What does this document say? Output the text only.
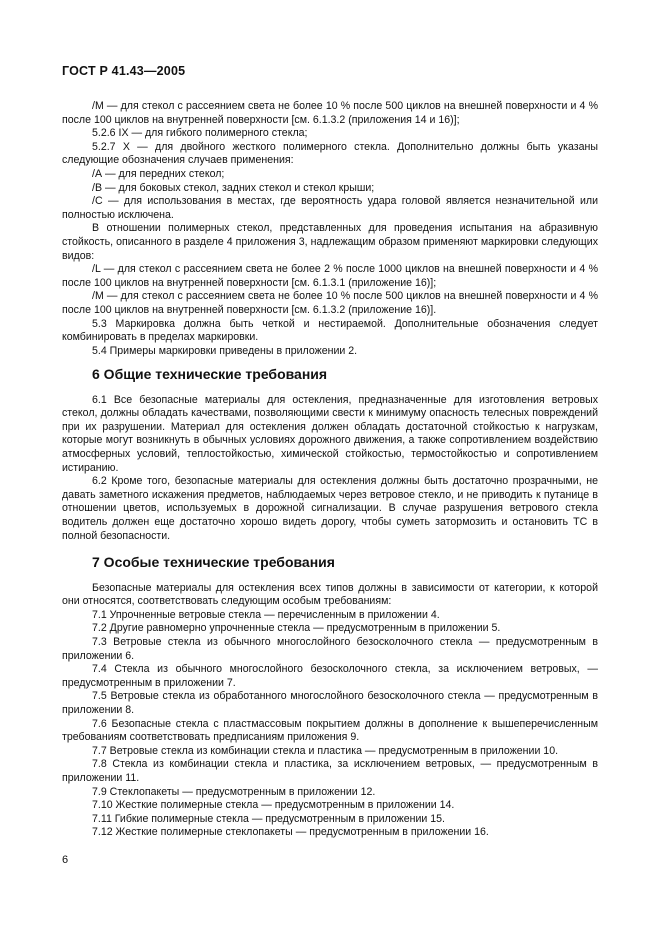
ГОСТ Р 41.43—2005

/М — для стекол с рассеянием света не более 10 % после 500 циклов на внешней поверхности и 4 % после 100 циклов на внутренней поверхности [см. 6.1.3.2 (приложения 14 и 16)];

5.2.6 IX — для гибкого полимерного стекла;

5.2.7 Х — для двойного жесткого полимерного стекла. Дополнительно должны быть указаны следующие обозначения случаев применения:

/А — для передних стекол;

/В — для боковых стекол, задних стекол и стекол крыши;

/С — для использования в местах, где вероятность удара головой является незначительной или полностью исключена.

В отношении полимерных стекол, представленных для проведения испытания на абразивную стойкость, описанного в разделе 4 приложения 3, надлежащим образом применяют маркировки следующих видов:

/L — для стекол с рассеянием света не более 2 % после 1000 циклов на внешней поверхности и 4 % после 100 циклов на внутренней поверхности [см. 6.1.3.1 (приложение 16)];

/М — для стекол с рассеянием света не более 10 % после 500 циклов на внешней поверхности и 4 % после 100 циклов на внутренней поверхности [см. 6.1.3.2 (приложение 16)].

5.3 Маркировка должна быть четкой и нестираемой. Дополнительные обозначения следует комбинировать в пределах маркировки.

5.4 Примеры маркировки приведены в приложении 2.

6 Общие технические требования

6.1 Все безопасные материалы для остекления, предназначенные для изготовления ветровых стекол, должны обладать качествами, позволяющими свести к минимуму опасность телесных повреждений при их разрушении. Материал для остекления должен обладать достаточной стойкостью к нагрузкам, которые могут возникнуть в обычных условиях дорожного движения, а также сопротивлением воздействию атмосферных условий, теплостойкостью, химической стойкостью, термостойкостью и сопротивлением истиранию.

6.2 Кроме того, безопасные материалы для остекления должны быть достаточно прозрачными, не давать заметного искажения предметов, наблюдаемых через ветровое стекло, и не приводить к путанице в отношении цветов, используемых в дорожной сигнализации. В случае разрушения ветрового стекла водитель должен еще достаточно хорошо видеть дорогу, чтобы суметь затормозить и остановить ТС в полной безопасности.

7 Особые технические требования

Безопасные материалы для остекления всех типов должны в зависимости от категории, к которой они относятся, соответствовать следующим особым требованиям:

7.1 Упрочненные ветровые стекла — перечисленным в приложении 4.

7.2 Другие равномерно упрочненные стекла — предусмотренным в приложении 5.

7.3 Ветровые стекла из обычного многослойного безосколочного стекла — предусмотренным в приложении 6.

7.4 Стекла из обычного многослойного безосколочного стекла, за исключением ветровых, — предусмотренным в приложении 7.

7.5 Ветровые стекла из обработанного многослойного безосколочного стекла — предусмотренным в приложении 8.

7.6 Безопасные стекла с пластмассовым покрытием должны в дополнение к вышеперечисленным требованиям соответствовать предписаниям приложения 9.

7.7 Ветровые стекла из комбинации стекла и пластика — предусмотренным в приложении 10.

7.8 Стекла из комбинации стекла и пластика, за исключением ветровых, — предусмотренным в приложении 11.

7.9 Стеклопакеты — предусмотренным в приложении 12.

7.10 Жесткие полимерные стекла — предусмотренным в приложении 14.

7.11 Гибкие полимерные стекла — предусмотренным в приложении 15.

7.12 Жесткие полимерные стеклопакеты — предусмотренным в приложении 16.

6
